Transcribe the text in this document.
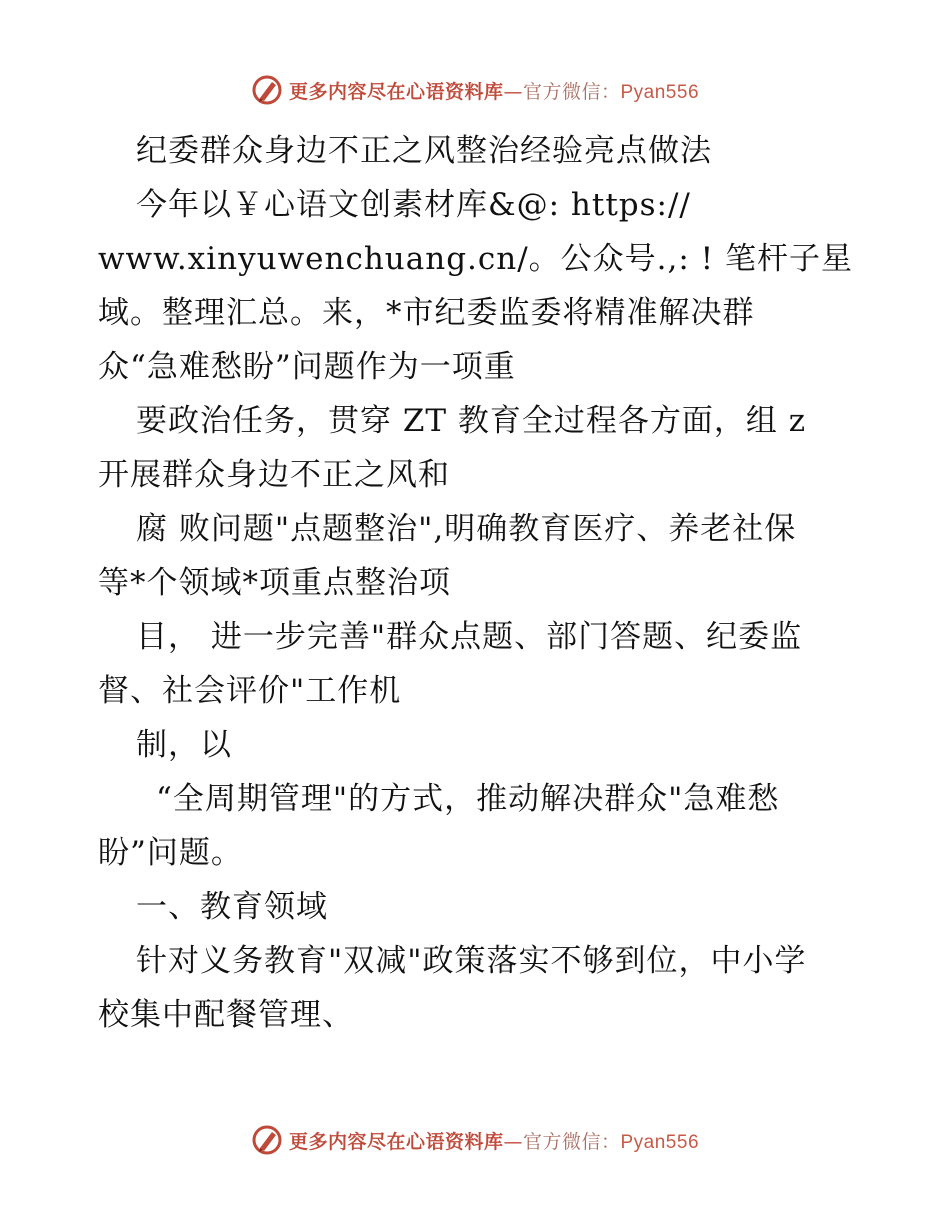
更多内容尽在心语资料库—官方微信：Pyan556
纪委群众身边不正之风整治经验亮点做法
今年以￥心语文创素材库&@: https://
www.xinyuwenchuang.cn/。公众号.,: ! 笔杆子星
域。整理汇总。来，*市纪委监委将精准解决群
众“急难愁盼”问题作为一项重
要政治任务，贯穿 ZT 教育全过程各方面，组 z
开展群众身边不正之风和
腐 败问题"点题整治",明确教育医疗、养老社保
等*个领域*项重点整治项
目， 进一步完善"群众点题、部门答题、纪委监
督、社会评价"工作机
制，以
“全周期管理"的方式，推动解决群众"急难愁
盼”问题。
一、教育领域
针对义务教育"双减"政策落实不够到位，中小学
校集中配餐管理、
更多内容尽在心语资料库—官方微信：Pyan556
